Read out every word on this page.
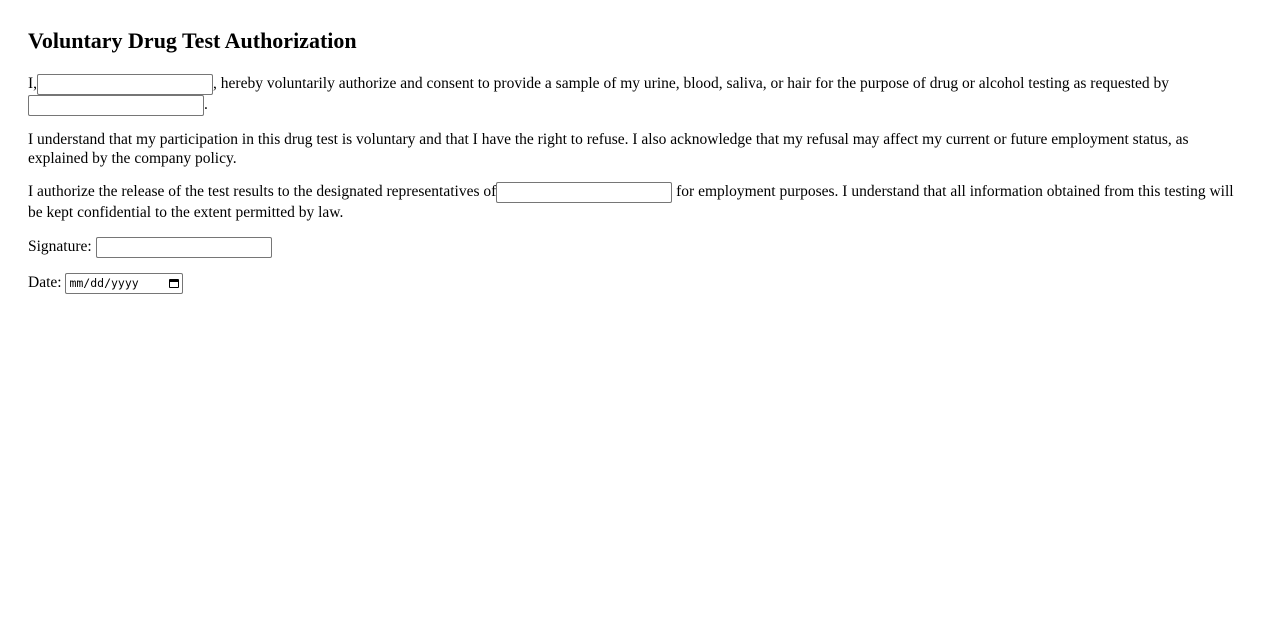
Voluntary Drug Test Authorization

I,	, hereby voluntarily authorize and consent to provide a sample of my urine, blood, saliva, or hair for the purpose of drug or alcohol testing as requested by .

I understand that my participation in this drug test is voluntary and that I have the right to refuse. I also acknowledge that my refusal may affect my current or future employment status, as explained by the company policy.

I authorize the release of the test results to the designated representatives of	for employment purposes. I understand that all information obtained from this testing will be kept confidential to the extent permitted by law.

Signature:
Date: mm/dd/yyyy
